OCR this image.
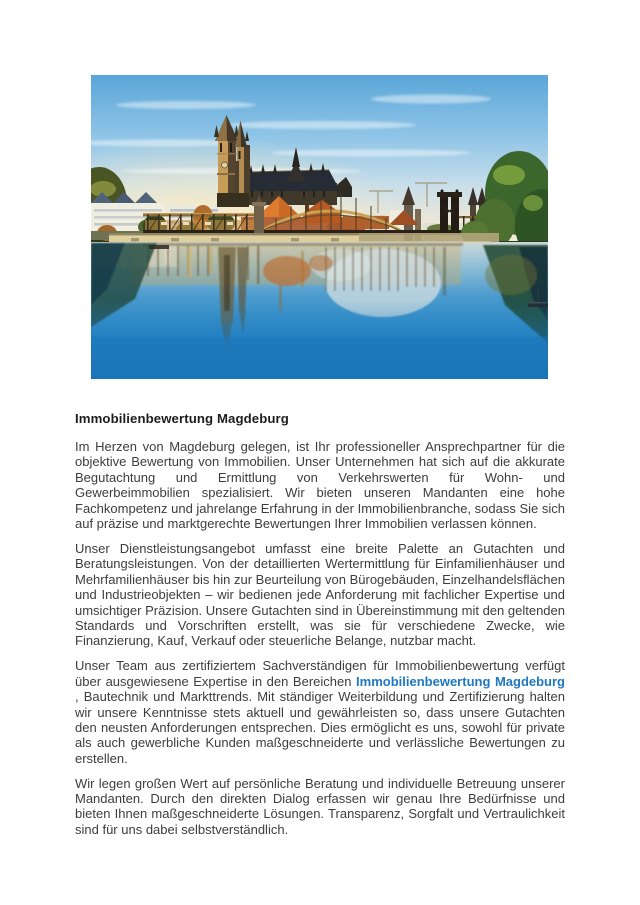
Immobilienbewertung Magdeburg

Im Herzen von Magdeburg gelegen, ist Ihr professioneller Ansprechpartner für die objektive Bewertung von Immobilien. Unser Unternehmen hat sich auf die akkurate Begutachtung und Ermittlung von Verkehrswerten für Wohn- und Gewerbeimmobilien spezialisiert. Wir bieten unseren Mandanten eine hohe Fachkompetenz und jahrelange Erfahrung in der Immobilienbranche, sodass Sie sich auf präzise und marktgerechte Bewertungen Ihrer Immobilien verlassen können.

Unser Dienstleistungsangebot umfasst eine breite Palette an Gutachten und Beratungsleistungen. Von der detaillierten Wertermittlung für Einfamilienhäuser und Mehrfamilienhäuser bis hin zur Beurteilung von Bürogebäuden, Einzelhandelsflächen und Industrieobjekten – wir bedienen jede Anforderung mit fachlicher Expertise und umsichtiger Präzision. Unsere Gutachten sind in Übereinstimmung mit den geltenden Standards und Vorschriften erstellt, was sie für verschiedene Zwecke, wie Finanzierung, Kauf, Verkauf oder steuerliche Belange, nutzbar macht.

Unser Team aus zertifiziertem Sachverständigen für Immobilienbewertung verfügt über ausgewiesene Expertise in den Bereichen Immobilienbewertung Magdeburg , Bautechnik und Markttrends. Mit ständiger Weiterbildung und Zertifizierung halten wir unsere Kenntnisse stets aktuell und gewährleisten so, dass unsere Gutachten den neusten Anforderungen entsprechen. Dies ermöglicht es uns, sowohl für private als auch gewerbliche Kunden maßgeschneiderte und verlässliche Bewertungen zu erstellen.

Wir legen großen Wert auf persönliche Beratung und individuelle Betreuung unserer Mandanten. Durch den direkten Dialog erfassen wir genau Ihre Bedürfnisse und bieten Ihnen maßgeschneiderte Lösungen. Transparenz, Sorgfalt und Vertraulichkeit sind für uns dabei selbstverständlich.
